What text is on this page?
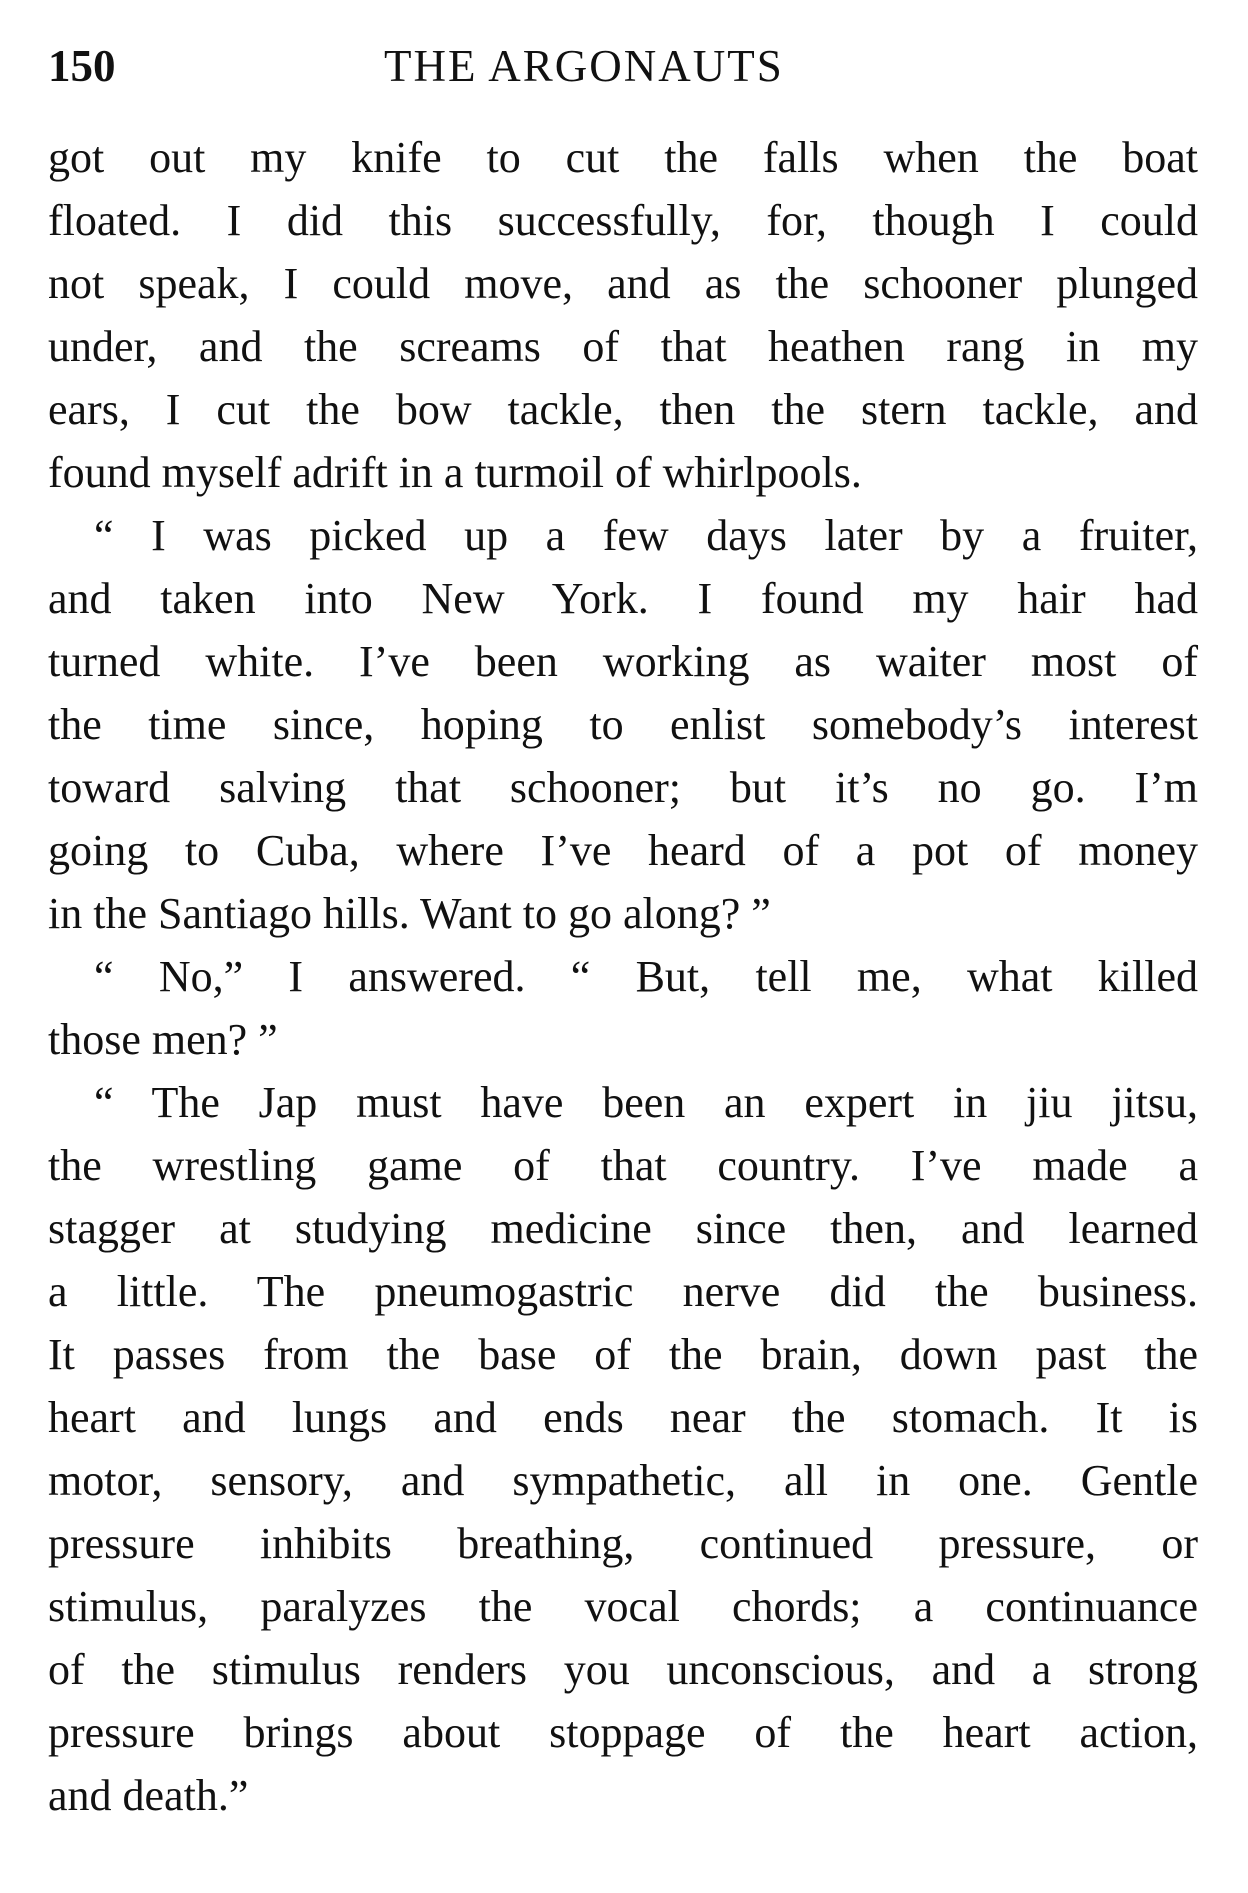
150	THE ARGONAUTS
got out my knife to cut the falls when the boat
floated. I did this successfully, for, though I could
not speak, I could move, and as the schooner plunged
under, and the screams of that heathen rang in my
ears, I cut the bow tackle, then the stern tackle, and
found myself adrift in a turmoil of whirlpools.
“ I was picked up a few days later by a fruiter,
and taken into New York. I found my hair had
turned white. I’ve been working as waiter most of
the time since, hoping to enlist somebody’s interest
toward salving that schooner; but it’s no go. I’m
going to Cuba, where I’ve heard of a pot of money
in the Santiago hills. Want to go along? ”
“ No,” I answered. “ But, tell me, what killed
those men? ”
“ The Jap must have been an expert in jiu jitsu,
the wrestling game of that country. I’ve made a
stagger at studying medicine since then, and learned
a little. The pneumogastric nerve did the business.
It passes from the base of the brain, down past the
heart and lungs and ends near the stomach. It is
motor, sensory, and sympathetic, all in one. Gentle
pressure inhibits breathing, continued pressure, or
stimulus, paralyzes the vocal chords; a continuance
of the stimulus renders you unconscious, and a strong
pressure brings about stoppage of the heart action,
and death.”
